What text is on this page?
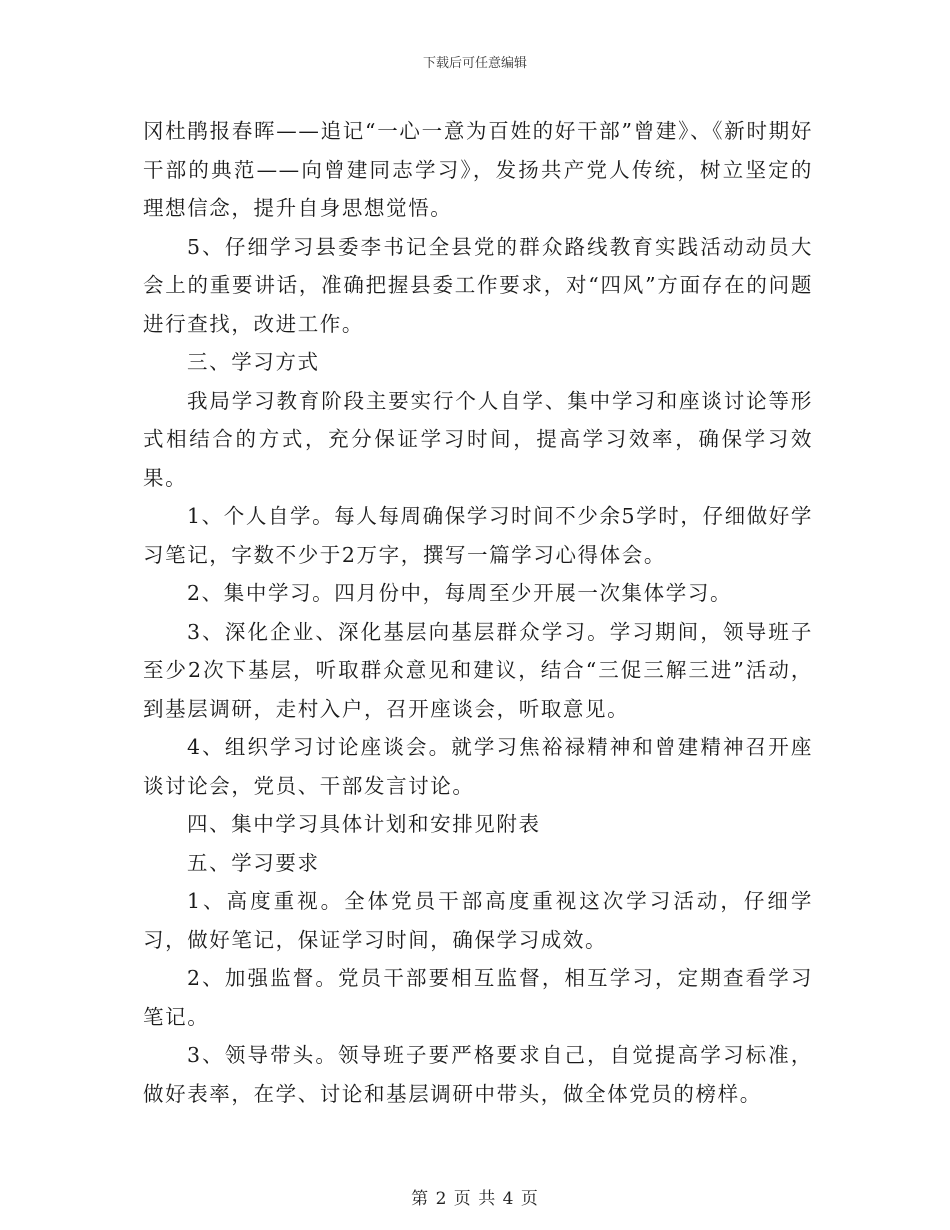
下载后可任意编辑

冈杜鹃报春晖——追记“一心一意为百姓的好干部”曾建》、《新时期好干部的典范——向曾建同志学习》，发扬共产党人传统，树立坚定的理想信念，提升自身思想觉悟。

5、仔细学习县委李书记全县党的群众路线教育实践活动动员大会上的重要讲话，准确把握县委工作要求，对“四风”方面存在的问题进行查找，改进工作。

三、学习方式

我局学习教育阶段主要实行个人自学、集中学习和座谈讨论等形式相结合的方式，充分保证学习时间，提高学习效率，确保学习效果。

1、个人自学。每人每周确保学习时间不少余5学时，仔细做好学习笔记，字数不少于2万字，撰写一篇学习心得体会。

2、集中学习。四月份中，每周至少开展一次集体学习。

3、深化企业、深化基层向基层群众学习。学习期间，领导班子至少2次下基层，听取群众意见和建议，结合“三促三解三进”活动，到基层调研，走村入户，召开座谈会，听取意见。

4、组织学习讨论座谈会。就学习焦裕禄精神和曾建精神召开座谈讨论会，党员、干部发言讨论。

四、集中学习具体计划和安排见附表

五、学习要求

1、高度重视。全体党员干部高度重视这次学习活动，仔细学习，做好笔记，保证学习时间，确保学习成效。

2、加强监督。党员干部要相互监督，相互学习，定期查看学习笔记。

3、领导带头。领导班子要严格要求自己，自觉提高学习标准，做好表率，在学、讨论和基层调研中带头，做全体党员的榜样。

第 2 页 共 4 页
